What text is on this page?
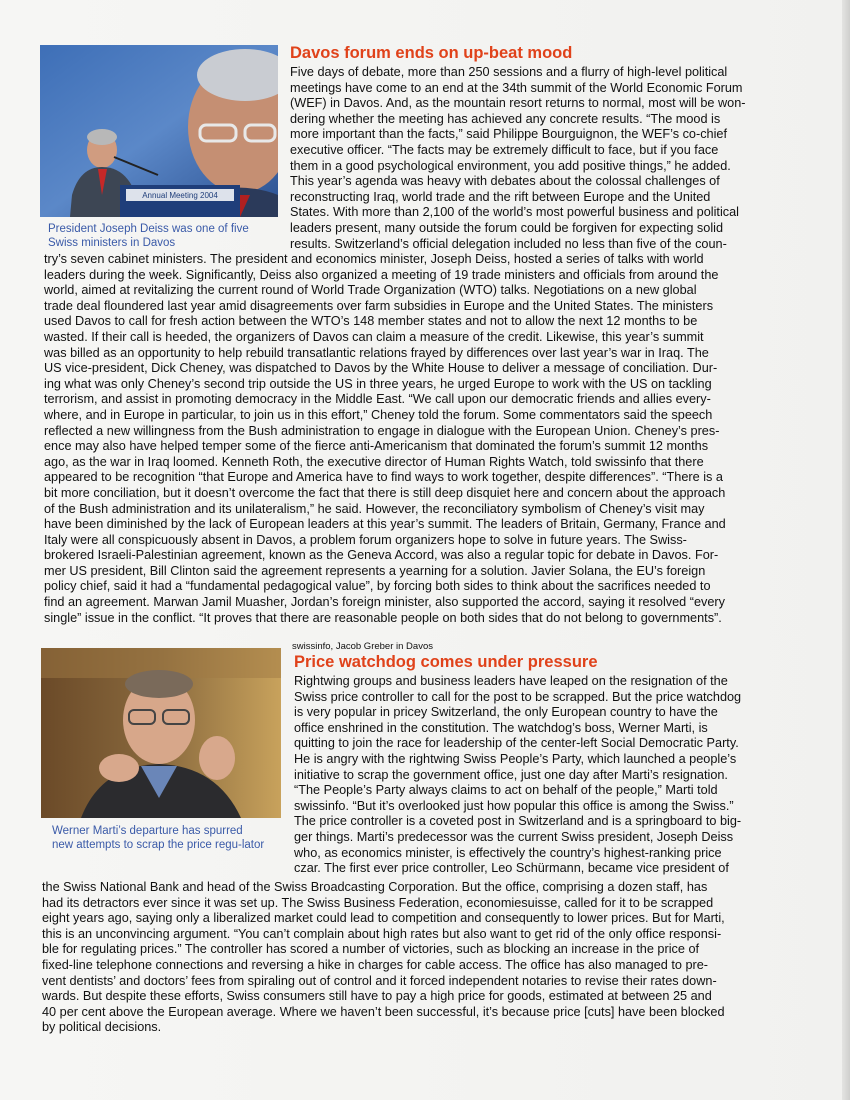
Annual Meeting 2004
President Joseph Deiss was one of five Swiss ministers in Davos
Davos forum ends on up-beat mood
Five days of debate, more than 250 sessions and a flurry of high-level political
meetings have come to an end at the 34th summit of the World Economic Forum
(WEF) in Davos. And, as the mountain resort returns to normal, most will be won-
dering whether the meeting has achieved any concrete results. “The mood is
more important than the facts,” said Philippe Bourguignon, the WEF’s co-chief
executive officer. “The facts may be extremely difficult to face, but if you face
them in a good psychological environment, you add positive things,” he added.
This year’s agenda was heavy with debates about the colossal challenges of
reconstructing Iraq, world trade and the rift between Europe and the United
States. With more than 2,100 of the world’s most powerful business and political
leaders present, many outside the forum could be forgiven for expecting solid
results. Switzerland’s official delegation included no less than five of the coun-
try’s seven cabinet ministers. The president and economics minister, Joseph Deiss, hosted a series of talks with world
leaders during the week. Significantly, Deiss also organized a meeting of 19 trade ministers and officials from around the
world, aimed at revitalizing the current round of World Trade Organization (WTO) talks. Negotiations on a new global
trade deal floundered last year amid disagreements over farm subsidies in Europe and the United States. The ministers
used Davos to call for fresh action between the WTO’s 148 member states and not to allow the next 12 months to be
wasted. If their call is heeded, the organizers of Davos can claim a measure of the credit. Likewise, this year’s summit
was billed as an opportunity to help rebuild transatlantic relations frayed by differences over last year’s war in Iraq. The
US vice-president, Dick Cheney, was dispatched to Davos by the White House to deliver a message of conciliation. Dur-
ing what was only Cheney’s second trip outside the US in three years, he urged Europe to work with the US on tackling
terrorism, and assist in promoting democracy in the Middle East. “We call upon our democratic friends and allies every-
where, and in Europe in particular, to join us in this effort,” Cheney told the forum. Some commentators said the speech
reflected a new willingness from the Bush administration to engage in dialogue with the European Union. Cheney’s pres-
ence may also have helped temper some of the fierce anti-Americanism that dominated the forum’s summit 12 months
ago, as the war in Iraq loomed. Kenneth Roth, the executive director of Human Rights Watch, told swissinfo that there
appeared to be recognition “that Europe and America have to find ways to work together, despite differences”. “There is a
bit more conciliation, but it doesn’t overcome the fact that there is still deep disquiet here and concern about the approach
of the Bush administration and its unilateralism,” he said. However, the reconciliatory symbolism of Cheney’s visit may
have been diminished by the lack of European leaders at this year’s summit. The leaders of Britain, Germany, France and
Italy were all conspicuously absent in Davos, a problem forum organizers hope to solve in future years. The Swiss-
brokered Israeli-Palestinian agreement, known as the Geneva Accord, was also a regular topic for debate in Davos. For-
mer US president, Bill Clinton said the agreement represents a yearning for a solution. Javier Solana, the EU’s foreign
policy chief, said it had a “fundamental pedagogical value”, by forcing both sides to think about the sacrifices needed to
find an agreement. Marwan Jamil Muasher, Jordan’s foreign minister, also supported the accord, saying it resolved “every
single” issue in the conflict. “It proves that there are reasonable people on both sides that do not belong to governments”.
swissinfo, Jacob Greber in Davos
Werner Marti’s departure has spurred new attempts to scrap the price regu-lator
Price watchdog comes under pressure
Rightwing groups and business leaders have leaped on the resignation of the
Swiss price controller to call for the post to be scrapped. But the price watchdog
is very popular in pricey Switzerland, the only European country to have the
office enshrined in the constitution. The watchdog’s boss, Werner Marti, is
quitting to join the race for leadership of the center-left Social Democratic Party.
He is angry with the rightwing Swiss People’s Party, which launched a people’s
initiative to scrap the government office, just one day after Marti’s resignation.
“The People’s Party always claims to act on behalf of the people,” Marti told
swissinfo. “But it’s overlooked just how popular this office is among the Swiss.”
The price controller is a coveted post in Switzerland and is a springboard to big-
ger things. Marti’s predecessor was the current Swiss president, Joseph Deiss
who, as economics minister, is effectively the country’s highest-ranking price
czar. The first ever price controller, Leo Schürmann, became vice president of
the Swiss National Bank and head of the Swiss Broadcasting Corporation. But the office, comprising a dozen staff, has
had its detractors ever since it was set up. The Swiss Business Federation, economiesuisse, called for it to be scrapped
eight years ago, saying only a liberalized market could lead to competition and consequently to lower prices. But for Marti,
this is an unconvincing argument. “You can’t complain about high rates but also want to get rid of the only office responsi-
ble for regulating prices.” The controller has scored a number of victories, such as blocking an increase in the price of
fixed-line telephone connections and reversing a hike in charges for cable access. The office has also managed to pre-
vent dentists’ and doctors’ fees from spiraling out of control and it forced independent notaries to revise their rates down-
wards. But despite these efforts, Swiss consumers still have to pay a high price for goods, estimated at between 25 and
40 per cent above the European average. Where we haven’t been successful, it’s because price [cuts] have been blocked
by political decisions.
